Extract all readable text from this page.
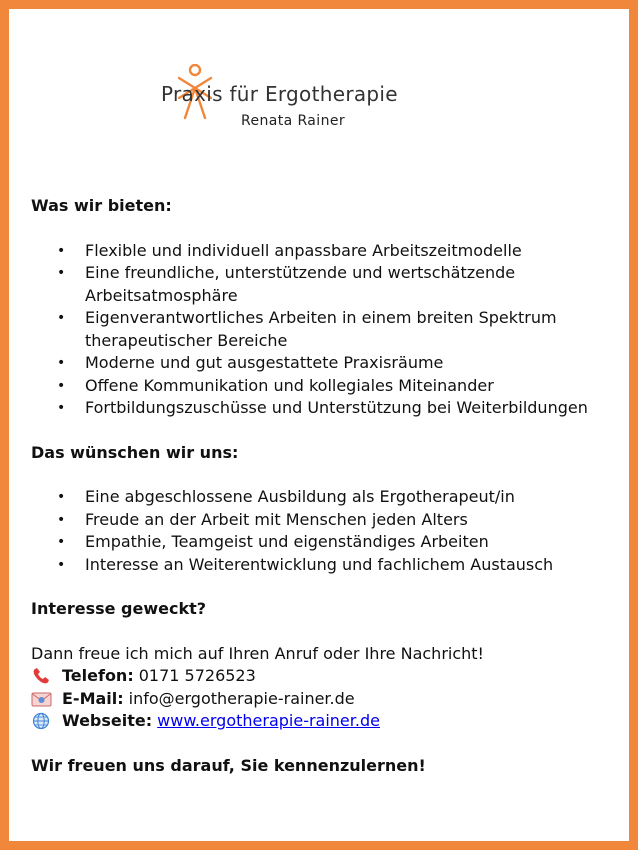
Praxis für Ergotherapie
Renata Rainer
Was wir bieten:
• Flexible und individuell anpassbare Arbeitszeitmodelle
• Eine freundliche, unterstützende und wertschätzende Arbeitsatmosphäre
• Eigenverantwortliches Arbeiten in einem breiten Spektrum therapeutischer Bereiche
• Moderne und gut ausgestattete Praxisräume
• Offene Kommunikation und kollegiales Miteinander
• Fortbildungszuschüsse und Unterstützung bei Weiterbildungen
Das wünschen wir uns:
• Eine abgeschlossene Ausbildung als Ergotherapeut/in
• Freude an der Arbeit mit Menschen jeden Alters
• Empathie, Teamgeist und eigenständiges Arbeiten
• Interesse an Weiterentwicklung und fachlichem Austausch
Interesse geweckt?
Dann freue ich mich auf Ihren Anruf oder Ihre Nachricht!
Telefon: 0171 5726523
E-Mail: info@ergotherapie-rainer.de
Webseite: www.ergotherapie-rainer.de
Wir freuen uns darauf, Sie kennenzulernen!
